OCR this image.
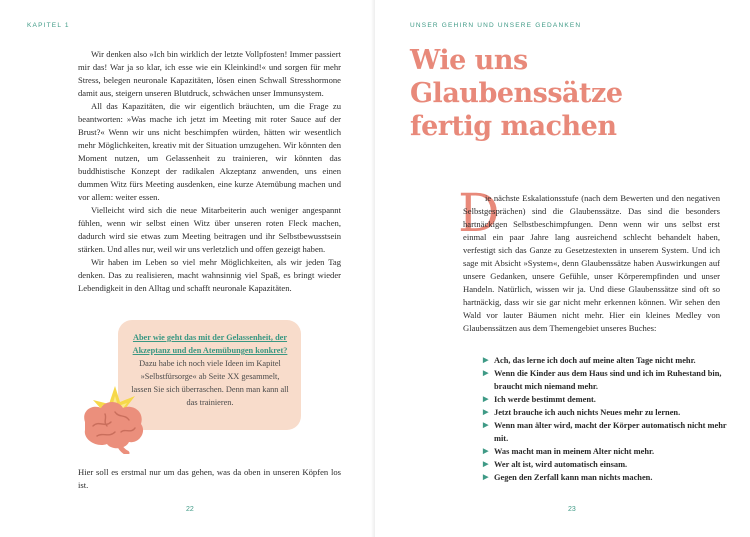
KAPITEL 1

Wir denken also »Ich bin wirklich der letzte Vollpfosten! Immer passiert mir das! War ja so klar, ich esse wie ein Kleinkind!« und sorgen für mehr Stress, belegen neuronale Kapazitäten, lösen einen Schwall Stresshormone damit aus, steigern unseren Blutdruck, schwächen unser Immunsystem.

All das Kapazitäten, die wir eigentlich bräuchten, um die Frage zu beantworten: »Was mache ich jetzt im Meeting mit roter Sauce auf der Brust?« Wenn wir uns nicht beschimpfen würden, hätten wir wesentlich mehr Möglichkeiten, kreativ mit der Situation umzugehen. Wir könnten den Moment nutzen, um Gelassenheit zu trainieren, wir könnten das buddhistische Konzept der radikalen Akzeptanz anwenden, uns einen dummen Witz fürs Meeting ausdenken, eine kurze Atemübung machen und vor allem: weiter essen.

Vielleicht wird sich die neue Mitarbeiterin auch weniger angespannt fühlen, wenn wir selbst einen Witz über unseren roten Fleck machen, dadurch wird sie etwas zum Meeting beitragen und ihr Selbstbewusstsein stärken. Und alles nur, weil wir uns verletzlich und offen gezeigt haben.

Wir haben im Leben so viel mehr Möglichkeiten, als wir jeden Tag denken. Das zu realisieren, macht wahnsinnig viel Spaß, es bringt wieder Lebendigkeit in den Alltag und schafft neuronale Kapazitäten.

Aber wie geht das mit der Gelassenheit, der Akzeptanz und den Atemübungen konkret?
Dazu habe ich noch viele Ideen im Kapitel »Selbstfürsorge« ab Seite XX gesammelt, lassen Sie sich überraschen. Denn man kann all das trainieren.

Hier soll es erstmal nur um das gehen, was da oben in unseren Köpfen los ist.

22
UNSER GEHIRN UND UNSERE GEDANKEN
Wie uns
Glaubenssätze
fertig machen
D

ie nächste Eskalationsstufe (nach dem Bewerten und den negativen Selbstgesprächen) sind die Glaubenssätze. Das sind die besonders hartnäckigen Selbstbeschimpfungen. Denn wenn wir uns selbst erst einmal ein paar Jahre lang ausreichend schlecht behandelt haben, verfestigt sich das Ganze zu Gesetzestexten in unserem System. Und ich sage mit Absicht »System«, denn Glaubenssätze haben Auswirkungen auf unsere Gedanken, unsere Gefühle, unser Körperempfinden und unser Handeln. Natürlich, wissen wir ja. Und diese Glaubenssätze sind oft so hartnäckig, dass wir sie gar nicht mehr erkennen können. Wir sehen den Wald vor lauter Bäumen nicht mehr. Hier ein kleines Medley von Glaubenssätzen aus dem Themengebiet unseres Buches:

▶ Ach, das lerne ich doch auf meine alten Tage nicht mehr.
▶ Wenn die Kinder aus dem Haus sind und ich im Ruhestand bin, braucht mich niemand mehr.
▶ Ich werde bestimmt dement.
▶ Jetzt brauche ich auch nichts Neues mehr zu lernen.
▶ Wenn man älter wird, macht der Körper automatisch nicht mehr mit.
▶ Was macht man in meinem Alter nicht mehr.
▶ Wer alt ist, wird automatisch einsam.
▶ Gegen den Zerfall kann man nichts machen.
23
